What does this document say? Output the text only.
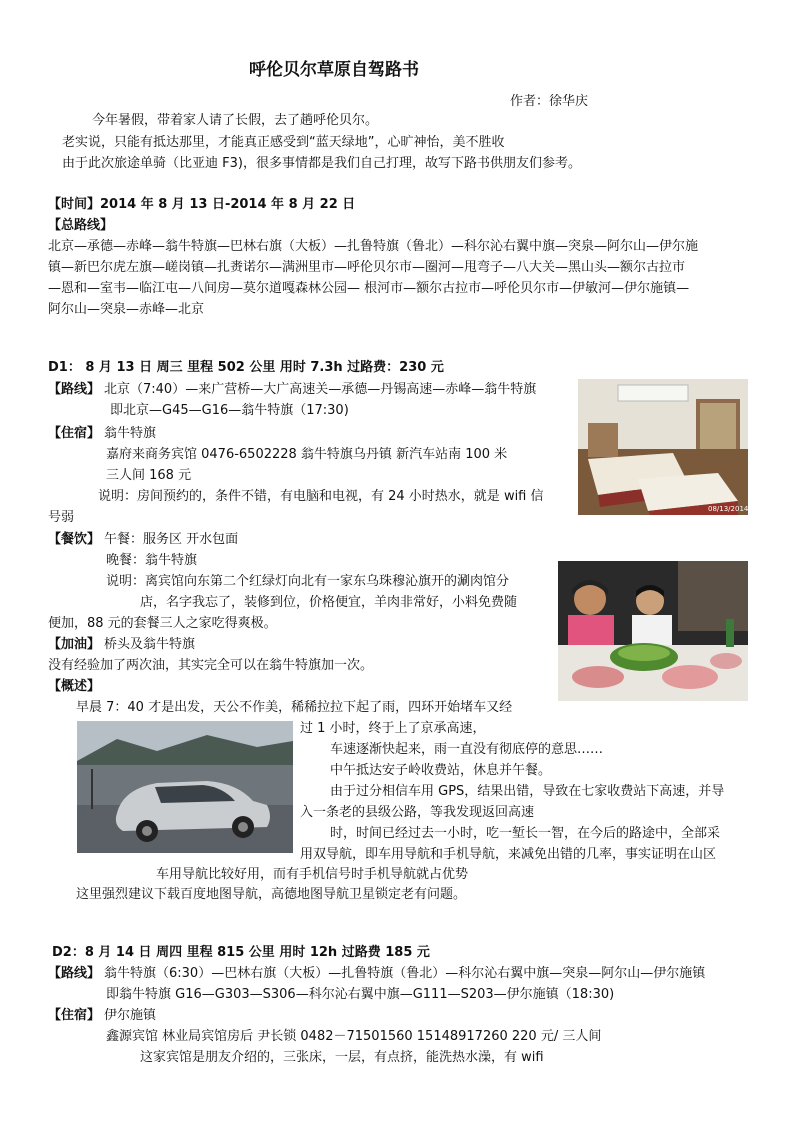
呼伦贝尔草原自驾路书
作者：徐华庆
今年暑假，带着家人请了长假，去了趟呼伦贝尔。
老实说，只能有抵达那里，才能真正感受到“蓝天绿地”，心旷神怡，美不胜收
由于此次旅途单骑（比亚迪 F3)，很多事情都是我们自己打理，故写下路书供朋友们参考。
【时间】2014 年 8 月 13 日-2014 年 8 月 22 日
【总路线】
北京—承德—赤峰—翁牛特旗—巴林右旗（大板）—扎鲁特旗（鲁北）—科尔沁右翼中旗—突泉—阿尔山—伊尔施
镇—新巴尔虎左旗—嵯岗镇—扎赉诺尔—满洲里市—呼伦贝尔市—圈河—甩弯子—八大关—黑山头—额尔古拉市
—恩和—室韦—临江屯—八间房—莫尔道嘎森林公园— 根河市—额尔古拉市—呼伦贝尔市—伊敏河—伊尔施镇—
阿尔山—突泉—赤峰—北京
D1： 8 月 13 日 周三 里程 502 公里 用时 7.3h 过路费：230 元
【路线】 北京（7:40）—来广营桥—大广高速关—承德—丹锡高速—赤峰—翁牛特旗
即北京—G45—G16—翁牛特旗（17:30)
【住宿】 翁牛特旗
嘉府来商务宾馆 0476-6502228 翁牛特旗乌丹镇 新汽车站南 100 米
三人间 168 元
说明：房间预约的，条件不错，有电脑和电视，有 24 小时热水，就是 wifi 信
号弱
【餐饮】 午餐：服务区 开水包面
晚餐：翁牛特旗
说明：离宾馆向东第二个红绿灯向北有一家东乌珠穆沁旗开的涮肉馆分
店，名字我忘了，装修到位，价格便宜，羊肉非常好，小料免费随
便加，88 元的套餐三人之家吃得爽极。
【加油】 桥头及翁牛特旗
没有经验加了两次油，其实完全可以在翁牛特旗加一次。
【概述】
早晨 7：40 才是出发，天公不作美，稀稀拉拉下起了雨，四环开始堵车又经
过 1 小时，终于上了京承高速，
车速逐渐快起来，雨一直没有彻底停的意思……
中午抵达安子岭收费站，休息并午餐。
由于过分相信车用 GPS，结果出错，导致在七家收费站下高速，并导
入一条老的县级公路，等我发现返回高速
时，时间已经过去一小时，吃一堑长一智，在今后的路途中，全部采
用双导航，即车用导航和手机导航，来减免出错的几率，事实证明在山区
车用导航比较好用，而有手机信号时手机导航就占优势
这里强烈建议下载百度地图导航，高德地图导航卫星锁定老有问题。
D2：8 月 14 日 周四 里程 815 公里 用时 12h 过路费 185 元
【路线】 翁牛特旗（6:30）—巴林右旗（大板）—扎鲁特旗（鲁北）—科尔沁右翼中旗—突泉—阿尔山—伊尔施镇
即翁牛特旗 G16—G303—S306—科尔沁右翼中旗—G111—S203—伊尔施镇（18:30)
【住宿】 伊尔施镇
鑫源宾馆 林业局宾馆房后 尹长锁 0482－71501560 15148917260 220 元/ 三人间
这家宾馆是朋友介绍的，三张床，一层，有点挤，能洗热水澡，有 wifi
08/13/2014
